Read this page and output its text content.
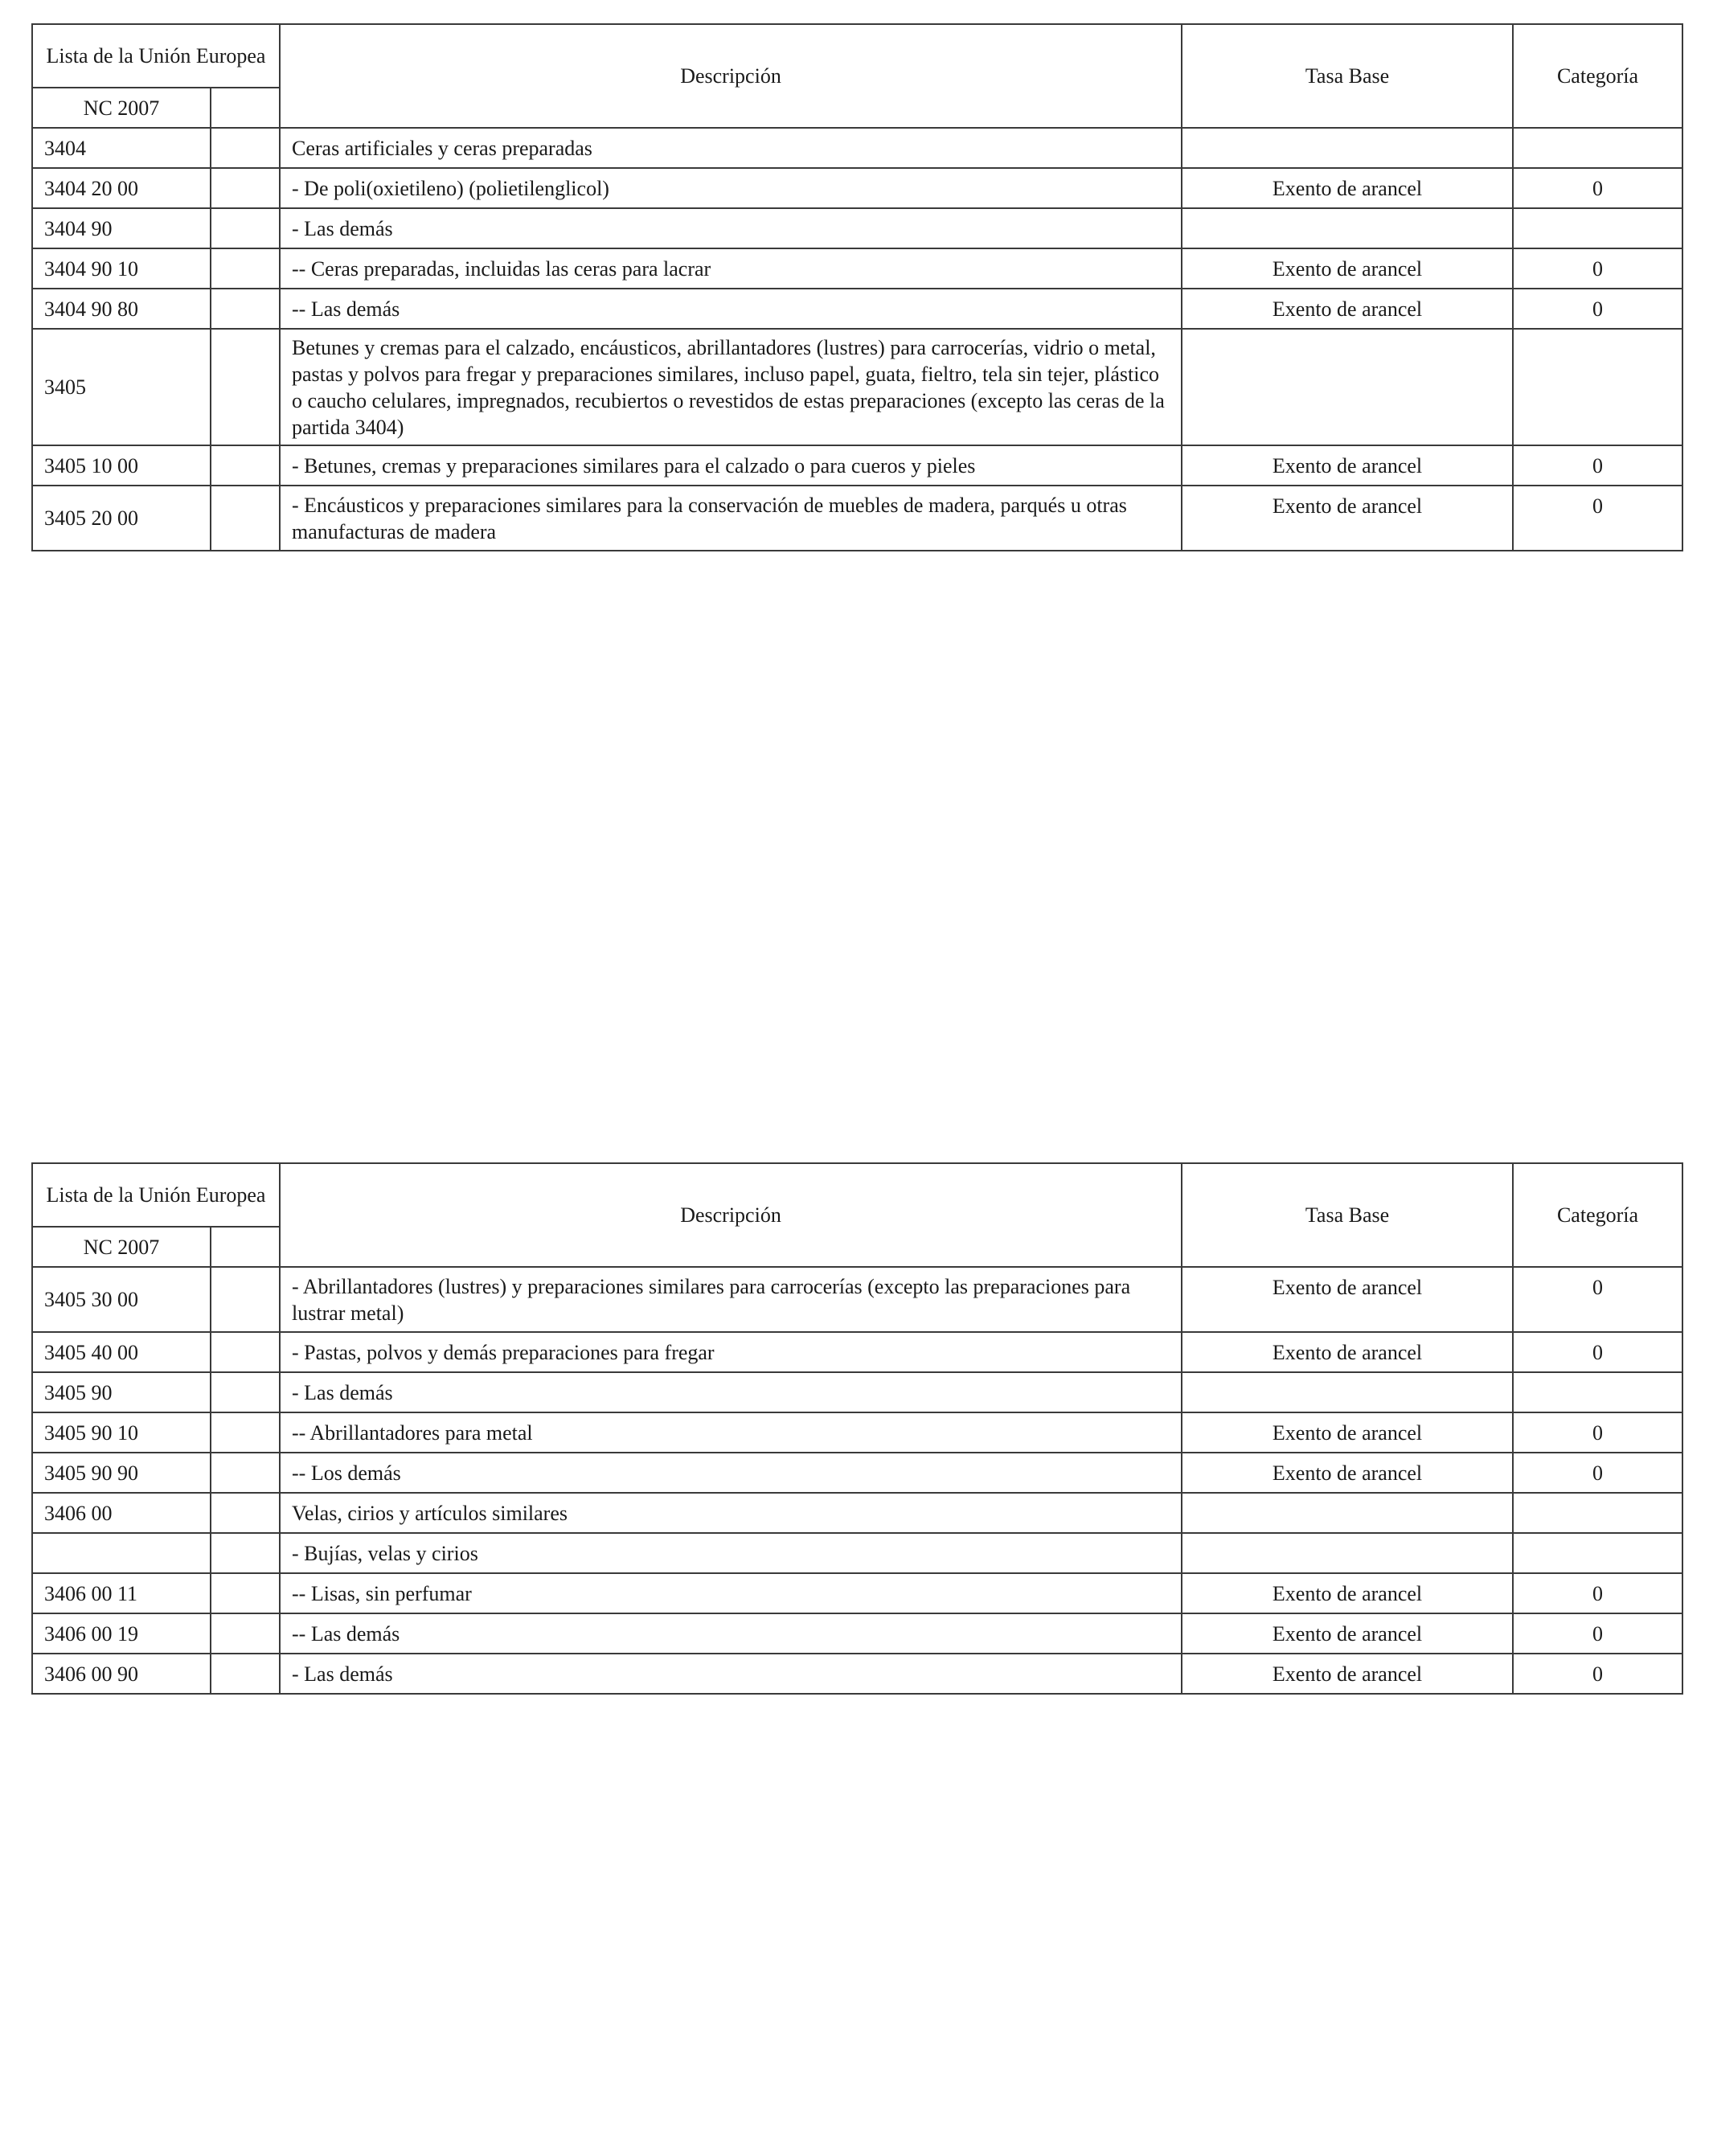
Lista de la Unión Europea		Descripción	Tasa Base	Categoría
NC 2007				
3404		Ceras artificiales y ceras preparadas		
3404 20 00		- De poli(oxietileno) (polietilenglicol)	Exento de arancel	0
3404 90		- Las demás		
3404 90 10		-- Ceras preparadas, incluidas las ceras para lacrar	Exento de arancel	0
3404 90 80		-- Las demás	Exento de arancel	0
3405		Betunes y cremas para el calzado, encáusticos, abrillantadores (lustres) para carrocerías, vidrio o metal, pastas y polvos para fregar y preparaciones similares, incluso papel, guata, fieltro, tela sin tejer, plástico o caucho celulares, impregnados, recubiertos o revestidos de estas preparaciones (excepto las ceras de la partida 3404)		
3405 10 00		- Betunes, cremas y preparaciones similares para el calzado o para cueros y pieles	Exento de arancel	0
3405 20 00		- Encáusticos y preparaciones similares para la conservación de muebles de madera, parqués u otras manufacturas de madera	Exento de arancel	0
Lista de la Unión Europea		Descripción	Tasa Base	Categoría
NC 2007				
3405 30 00		- Abrillantadores (lustres) y preparaciones similares para carrocerías (excepto las preparaciones para lustrar metal)	Exento de arancel	0
3405 40 00		- Pastas, polvos y demás preparaciones para fregar	Exento de arancel	0
3405 90		- Las demás		
3405 90 10		-- Abrillantadores para metal	Exento de arancel	0
3405 90 90		-- Los demás	Exento de arancel	0
3406 00		Velas, cirios y artículos similares		
		- Bujías, velas y cirios		
3406 00 11		-- Lisas, sin perfumar	Exento de arancel	0
3406 00 19		-- Las demás	Exento de arancel	0
3406 00 90		- Las demás	Exento de arancel	0
